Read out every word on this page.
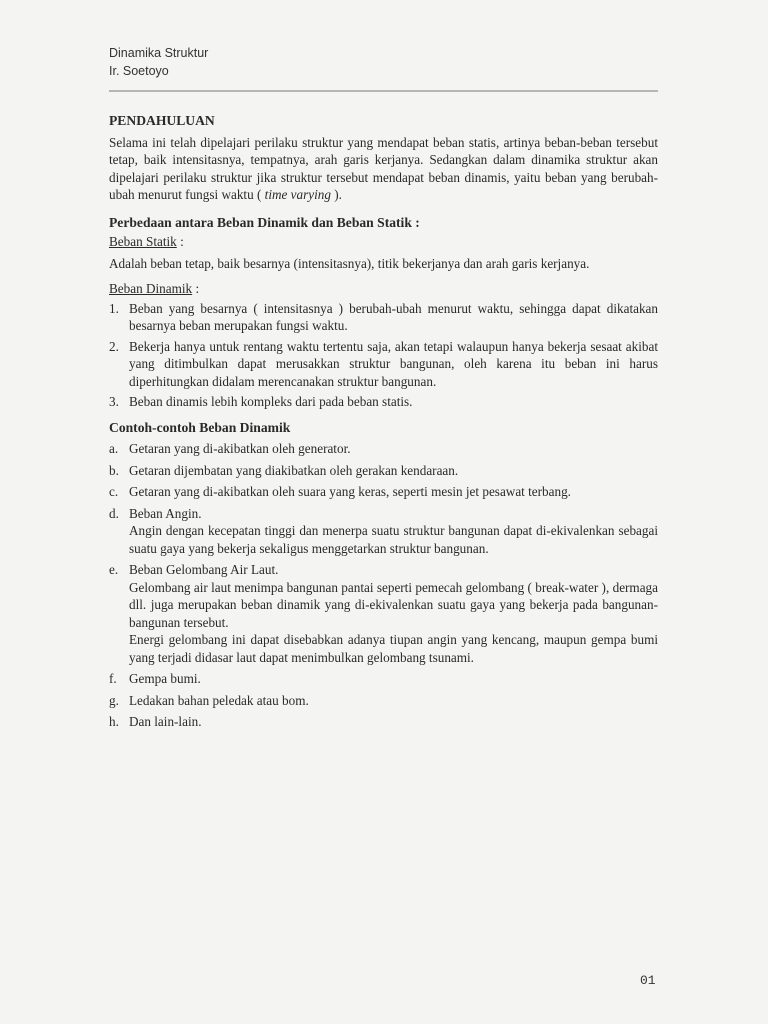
Dinamika Struktur
Ir. Soetoyo
PENDAHULUAN

Selama ini telah dipelajari perilaku struktur yang mendapat beban statis, artinya beban-beban tersebut tetap, baik intensitasnya, tempatnya, arah garis kerjanya. Sedangkan dalam dinamika struktur akan dipelajari perilaku struktur jika struktur tersebut mendapat beban dinamis, yaitu beban yang berubah-ubah menurut fungsi waktu ( time varying ).

Perbedaan antara Beban Dinamik dan Beban Statik :
Beban Statik :

Adalah beban tetap, baik besarnya (intensitasnya), titik bekerjanya dan arah garis kerjanya.

Beban Dinamik :
1. Beban yang besarnya ( intensitasnya ) berubah-ubah menurut waktu, sehingga dapat dikatakan besarnya beban merupakan fungsi waktu.
2. Bekerja hanya untuk rentang waktu tertentu saja, akan tetapi walaupun hanya bekerja sesaat akibat yang ditimbulkan dapat merusakkan struktur bangunan, oleh karena itu beban ini harus diperhitungkan didalam merencanakan struktur bangunan.
3. Beban dinamis lebih kompleks dari pada beban statis.
Contoh-contoh Beban Dinamik
a. Getaran yang di-akibatkan oleh generator.
b. Getaran dijembatan yang diakibatkan oleh gerakan kendaraan.
c. Getaran yang di-akibatkan oleh suara yang keras, seperti mesin jet pesawat terbang.
d. Beban Angin.
Angin dengan kecepatan tinggi dan menerpa suatu struktur bangunan dapat di-ekivalenkan sebagai suatu gaya yang bekerja sekaligus menggetarkan struktur bangunan.
e. Beban Gelombang Air Laut.
Gelombang air laut menimpa bangunan pantai seperti pemecah gelombang ( break-water ), dermaga dll. juga merupakan beban dinamik yang di-ekivalenkan suatu gaya yang bekerja pada bangunan-bangunan tersebut.
Energi gelombang ini dapat disebabkan adanya tiupan angin yang kencang, maupun gempa bumi yang terjadi didasar laut dapat menimbulkan gelombang tsunami.
f. Gempa bumi.
g. Ledakan bahan peledak atau bom.
h. Dan lain-lain.
01
